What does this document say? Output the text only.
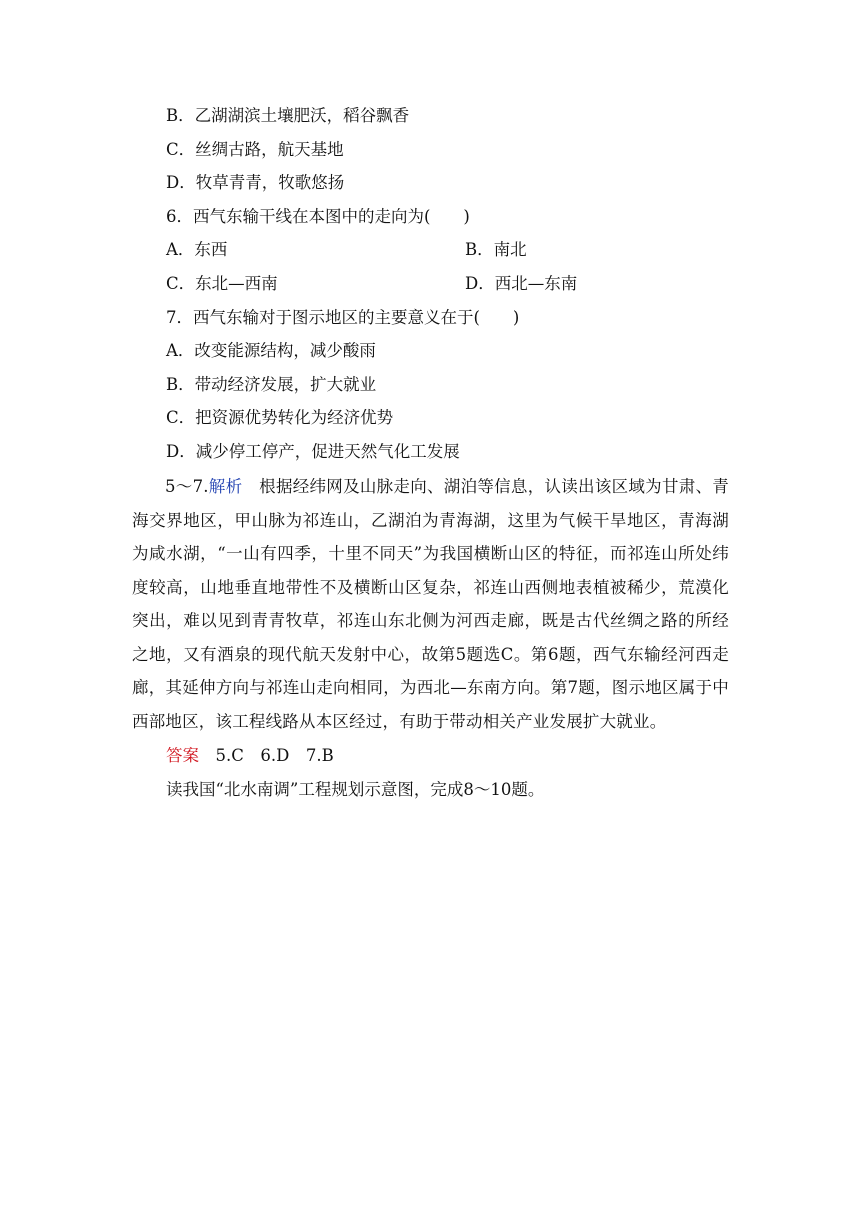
B．乙湖湖滨土壤肥沃，稻谷飘香
C．丝绸古路，航天基地
D．牧草青青，牧歌悠扬
6．西气东输干线在本图中的走向为(　　)
A．东西	B．南北
C．东北—西南	D．西北—东南
7．西气东输对于图示地区的主要意义在于(　　)
A．改变能源结构，减少酸雨
B．带动经济发展，扩大就业
C．把资源优势转化为经济优势
D．减少停工停产，促进天然气化工发展
5～7.解析　 根据经纬网及山脉走向、湖泊等信息，认读出该区域为甘肃、青海交界地区，甲山脉为祁连山，乙湖泊为青海湖，这里为气候干旱地区，青海湖为咸水湖，“一山有四季，十里不同天”为我国横断山区的特征，而祁连山所处纬度较高，山地垂直地带性不及横断山区复杂，祁连山西侧地表植被稀少，荒漠化突出，难以见到青青牧草，祁连山东北侧为河西走廊，既是古代丝绸之路的所经之地，又有酒泉的现代航天发射中心，故第5题选C。第6题，西气东输经河西走廊，其延伸方向与祁连山走向相同，为西北—东南方向。第7题，图示地区属于中西部地区，该工程线路从本区经过，有助于带动相关产业发展扩大就业。
答案　 5.C　6.D　7.B
读我国“北水南调”工程规划示意图，完成8～10题。
